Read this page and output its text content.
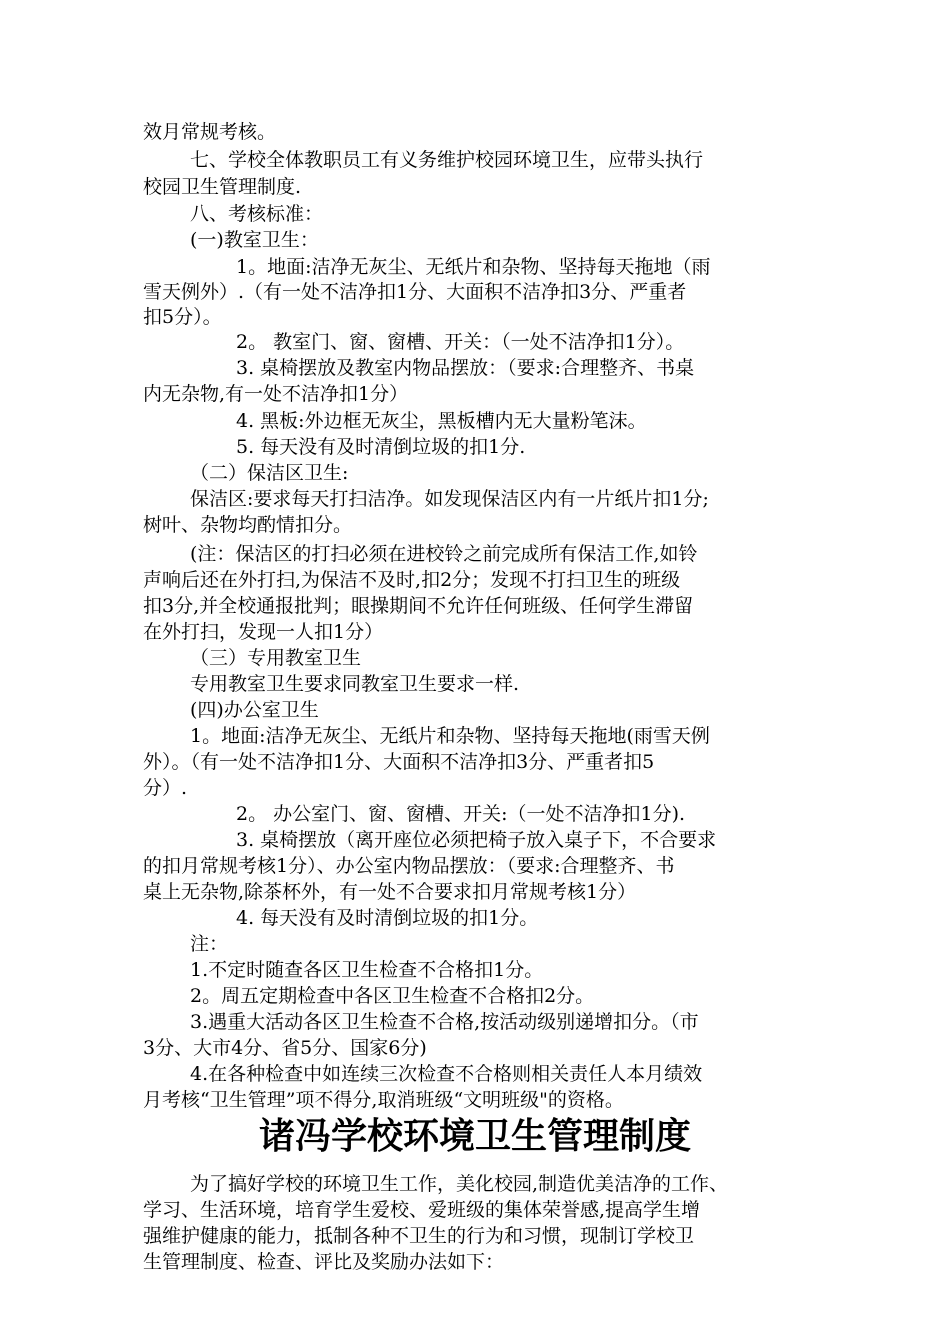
效月常规考核。
七、学校全体教职员工有义务维护校园环境卫生，应带头执行
校园卫生管理制度.
八、考核标准：
(一)教室卫生：
1。地面:洁净无灰尘、无纸片和杂物、坚持每天拖地（雨
雪天例外）.（有一处不洁净扣1分、大面积不洁净扣3分、严重者
扣5分）。
2。 教室门、窗、窗槽、开关：（一处不洁净扣1分）。
3. 桌椅摆放及教室内物品摆放：（要求:合理整齐、书桌
内无杂物,有一处不洁净扣1分）
4. 黑板:外边框无灰尘，黑板槽内无大量粉笔沫。
5. 每天没有及时清倒垃圾的扣1分.
（二）保洁区卫生:
保洁区:要求每天打扫洁净。如发现保洁区内有一片纸片扣1分;
树叶、杂物均酌情扣分。
(注：保洁区的打扫必须在进校铃之前完成所有保洁工作,如铃
声响后还在外打扫,为保洁不及时,扣2分；发现不打扫卫生的班级
扣3分,并全校通报批判；眼操期间不允许任何班级、任何学生滞留
在外打扫，发现一人扣1分）
（三）专用教室卫生
专用教室卫生要求同教室卫生要求一样.
(四)办公室卫生
1。地面:洁净无灰尘、无纸片和杂物、坚持每天拖地(雨雪天例
外）。（有一处不洁净扣1分、大面积不洁净扣3分、严重者扣5
分）.
2。 办公室门、窗、窗槽、开关:（一处不洁净扣1分).
3. 桌椅摆放（离开座位必须把椅子放入桌子下，不合要求
的扣月常规考核1分）、办公室内物品摆放：（要求:合理整齐、书
桌上无杂物,除茶杯外，有一处不合要求扣月常规考核1分）
4. 每天没有及时清倒垃圾的扣1分。
注：
1.不定时随查各区卫生检查不合格扣1分。
2。周五定期检查中各区卫生检查不合格扣2分。
3.遇重大活动各区卫生检查不合格,按活动级别递增扣分。（市
3分、大市4分、省5分、国家6分)
4.在各种检查中如连续三次检查不合格则相关责任人本月绩效
月考核“卫生管理”项不得分,取消班级“文明班级"的资格。
诸冯学校环境卫生管理制度
为了搞好学校的环境卫生工作，美化校园,制造优美洁净的工作、
学习、生活环境，培育学生爱校、爱班级的集体荣誉感,提高学生增
强维护健康的能力，抵制各种不卫生的行为和习惯，现制订学校卫
生管理制度、检查、评比及奖励办法如下：
